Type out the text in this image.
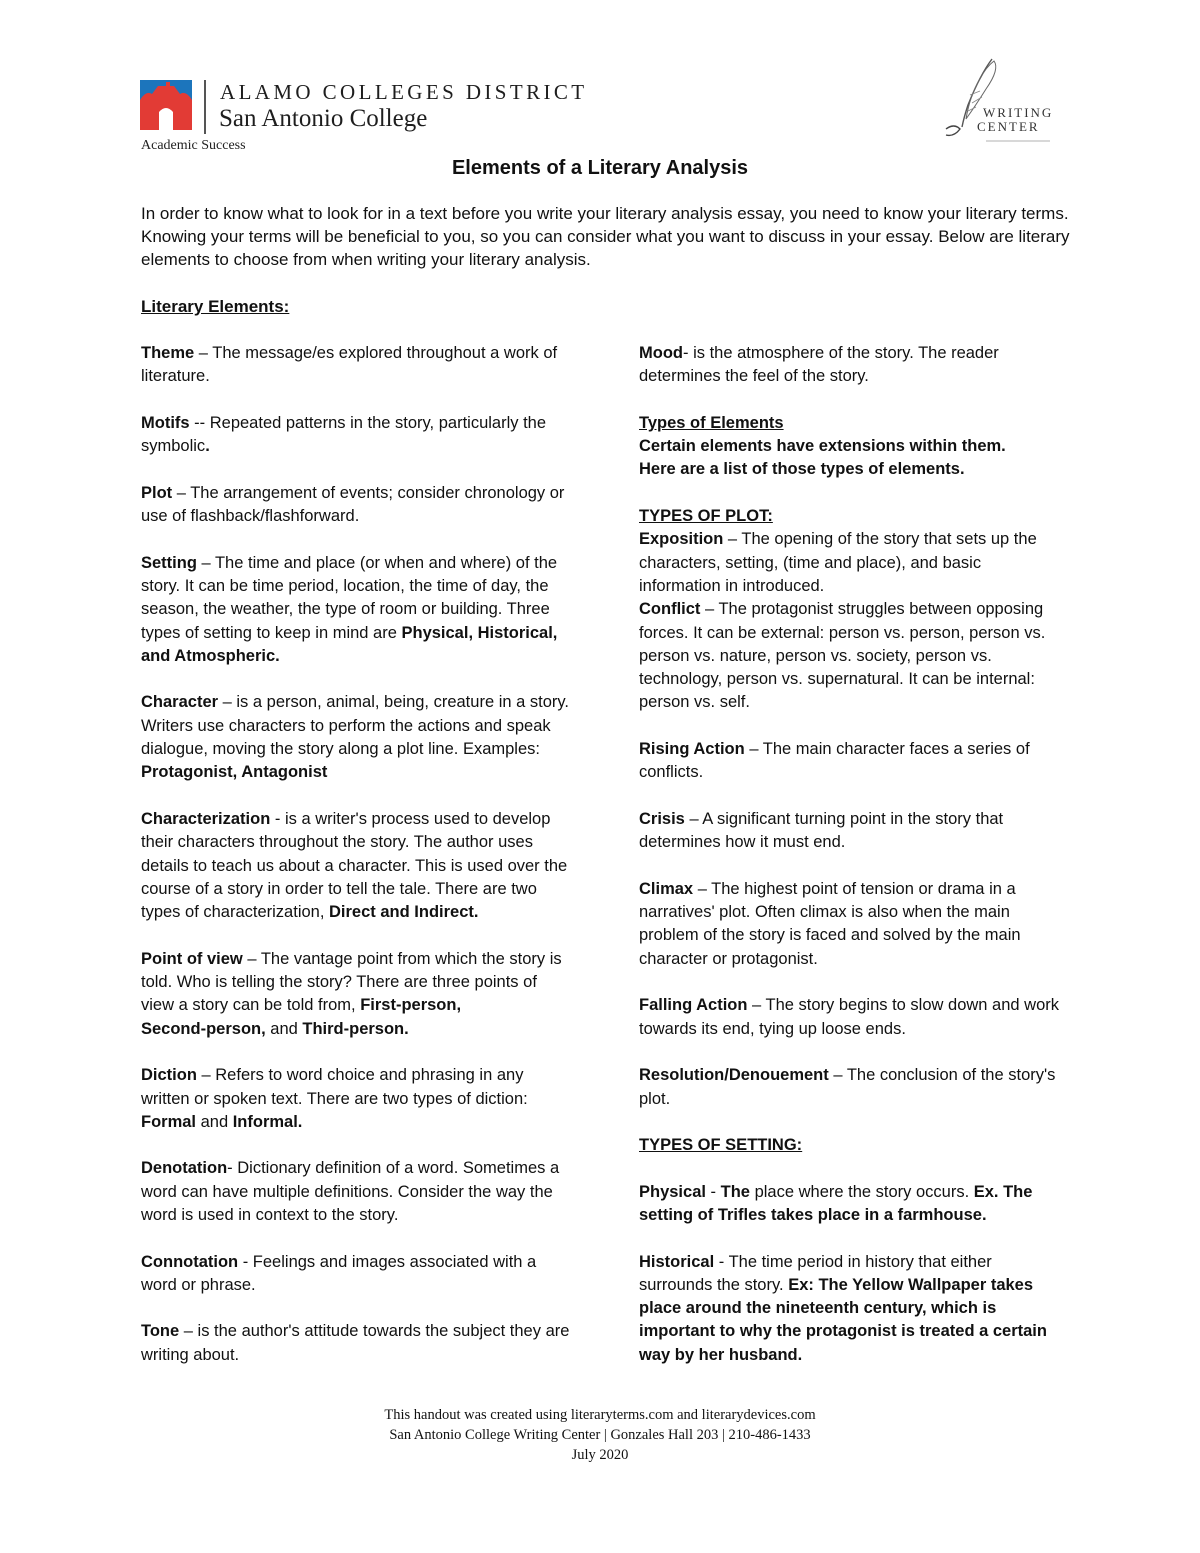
ALAMO COLLEGES DISTRICT
San Antonio College
Academic Success
WRITING
CENTER
Elements of a Literary Analysis
In order to know what to look for in a text before you write your literary analysis essay, you need to know your literary terms. Knowing your terms will be beneficial to you, so you can consider what you want to discuss in your essay. Below are literary elements to choose from when writing your literary analysis.
Literary Elements:
Theme – The message/es explored throughout a work of literature.
Motifs -- Repeated patterns in the story, particularly the symbolic.
Plot – The arrangement of events; consider chronology or use of flashback/flashforward.
Setting – The time and place (or when and where) of the story. It can be time period, location, the time of day, the season, the weather, the type of room or building. Three types of setting to keep in mind are Physical, Historical, and Atmospheric.
Character – is a person, animal, being, creature in a story. Writers use characters to perform the actions and speak dialogue, moving the story along a plot line. Examples: Protagonist, Antagonist
Characterization - is a writer's process used to develop their characters throughout the story. The author uses details to teach us about a character. This is used over the course of a story in order to tell the tale. There are two types of characterization, Direct and Indirect.
Point of view – The vantage point from which the story is told. Who is telling the story? There are three points of view a story can be told from, First-person,
Second-person, and Third-person.
Diction – Refers to word choice and phrasing in any written or spoken text. There are two types of diction: Formal and Informal.
Denotation- Dictionary definition of a word. Sometimes a word can have multiple definitions. Consider the way the word is used in context to the story.
Connotation - Feelings and images associated with a word or phrase.
Tone – is the author's attitude towards the subject they are writing about.
Mood- is the atmosphere of the story. The reader determines the feel of the story.
Types of Elements
Certain elements have extensions within them.
Here are a list of those types of elements.
TYPES OF PLOT:
Exposition – The opening of the story that sets up the characters, setting, (time and place), and basic information in introduced.
Conflict – The protagonist struggles between opposing forces. It can be external: person vs. person, person vs. person vs. nature, person vs. society, person vs. technology, person vs. supernatural. It can be internal: person vs. self.
Rising Action – The main character faces a series of conflicts.
Crisis – A significant turning point in the story that determines how it must end.
Climax – The highest point of tension or drama in a narratives' plot. Often climax is also when the main problem of the story is faced and solved by the main character or protagonist.
Falling Action – The story begins to slow down and work towards its end, tying up loose ends.
Resolution/Denouement – The conclusion of the story's plot.
TYPES OF SETTING:
Physical - The place where the story occurs. Ex. The setting of Trifles takes place in a farmhouse.
Historical - The time period in history that either surrounds the story. Ex: The Yellow Wallpaper takes place around the nineteenth century, which is important to why the protagonist is treated a certain way by her husband.
This handout was created using literaryterms.com and literarydevices.com
San Antonio College Writing Center | Gonzales Hall 203 | 210-486-1433
July 2020
